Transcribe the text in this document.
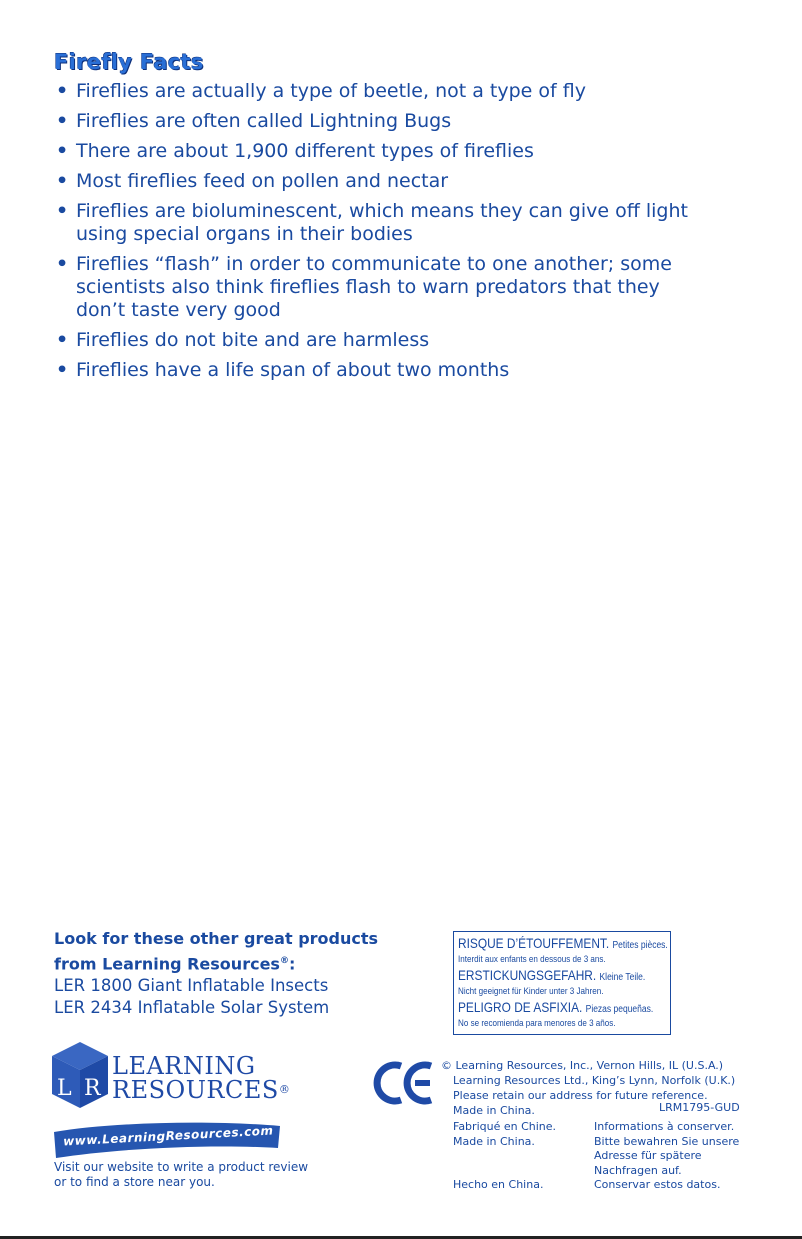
Firefly Facts
• Fireflies are actually a type of beetle, not a type of fly
• Fireflies are often called Lightning Bugs
• There are about 1,900 different types of fireflies
• Most fireflies feed on pollen and nectar
• Fireflies are bioluminescent, which means they can give off light using special organs in their bodies
• Fireflies “flash” in order to communicate to one another; some scientists also think fireflies flash to warn predators that they don’t taste very good
• Fireflies do not bite and are harmless
• Fireflies have a life span of about two months
Look for these other great products
from Learning Resources®:
LER 1800 Giant Inflatable Insects
LER 2434 Inflatable Solar System
RISQUE D’ÉTOUFFEMENT. Petites pièces.
Interdit aux enfants en dessous de 3 ans.
ERSTICKUNGSGEFAHR. Kleine Teile.
Nicht geeignet für Kinder unter 3 Jahren.
PELIGRO DE ASFIXIA. Piezas pequeñas.
No se recomienda para menores de 3 años.
L R
LEARNING
RESOURCES®
www.LearningResources.com
Visit our website to write a product review
or to find a store near you.
© Learning Resources, Inc., Vernon Hills, IL (U.S.A.)
Learning Resources Ltd., King’s Lynn, Norfolk (U.K.)
Please retain our address for future reference.
Made in China.	LRM1795-GUD
Fabriqué en Chine.	Informations à conserver.
Made in China.	Bitte bewahren Sie unsere
Adresse für spätere
Nachfragen auf.
Hecho en China.	Conservar estos datos.
